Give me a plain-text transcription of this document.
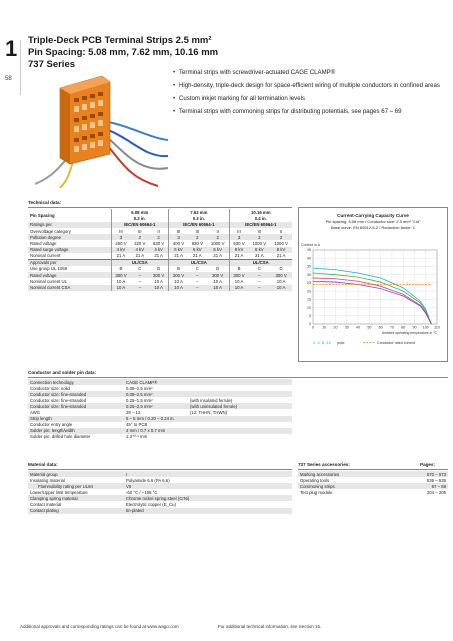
1
58
Triple-Deck PCB Terminal Strips 2.5 mm²
Pin Spacing: 5.08 mm, 7.62 mm, 10.16 mm
737 Series
• Terminal strips with screwdriver-actuated CAGE CLAMP®
• High-density, triple-deck design for space-efficient wiring of multiple conductors in confined areas
• Custom inkjet marking for all termination levels
• Terminal strips with commoning strips for distributing potentials, see pages 67 – 69
Technical data:
Pin Spacing	5.08 mm			7.62 mm			10.16 mm		
	0.2 in.			0.3 in.			0.4 in.		
Ratings per	IEC/EN 60664-1			IEC/EN 60664-1			IEC/EN 60664-1		
Overvoltage category	III	III	II	III	III	II	III	III	II
Pollution degree	3	2	2	3	2	2	3	2	2
Rated voltage	250 V	320 V	630 V	400 V	630 V	1000 V	630 V	1000 V	1000 V
Rated surge voltage	4 kV	4 kV	4 kV	6 kV	6 kV	6 kV	8 kV	8 kV	8 kV
Nominal current	21 A	21 A	21 A	21 A	21 A	21 A	21 A	21 A	21 A
Approvals per	UL/CSA			UL/CSA			UL/CSA		
Use group UL 1059	B	C	D	B	C	D	B	C	D
Rated voltage	300 V	–	300 V	300 V	–	300 V	300 V	–	300 V
Nominal current UL	10 A	–	10 A	10 A	–	10 A	10 A	–	10 A
Nominal current CSA	10 A	–	10 A	10 A	–	10 A	10 A	–	10 A
Current-Carrying Capacity Curve
Pin spacing: 5.08 mm / Conductor size: 2.5 mm² "f-st"
Base curve: EN 60512-5-2 / Reduction factor: 1
Current in A
0
5
10
15
20
25
30
35
40
45
0 10 20 30 40 50 60 70 80 90 100 110
Ambient operating temperature in °C
2, 4, 6, 12 pole	Conductor rated current
Conductor and solder pin data:
Connection technology	CAGE CLAMP®	
Conductor size: solid	0.08–2.5 mm²	
Conductor size: fine-stranded	0.08–2.5 mm²	
Conductor size: fine-stranded	0.25–1.5 mm²	(with insulated ferrule)
Conductor size: fine-stranded	0.25–2.5 mm²	(with uninsulated ferrule)
AWG	28 – 12	(12: THHN, THWN)
Strip length	5 – 6 mm / 0.20 – 0.24 in.	
Conductor entry angle	45° to PCB	
Solder pin: length/width	4 mm / 0.7 x 0.7 mm	
Solder pin: drilled hole diameter	1.3⁺⁰·¹ mm	
Material data:
Material group	I
Insulating material	Polyamide 6.6 (PA 6.6)
Flammability rating per UL94	V0
Lower/Upper limit temperature	-60 °C / +105 °C
Clamping spring material	Chrome nickel spring steel (CrNi)
Contact material	Electrolytic copper (E_Cu)
Contact plating	tin-plated
737 Series accessories:	Pages:
Marking accessories	570 – 573
Operating tools	536 – 539
Commoning strips	67 – 69
Test plug module	204 – 205
Additional approvals and corresponding ratings can be found at www.wago.com	For additional technical information, see Section 15.
